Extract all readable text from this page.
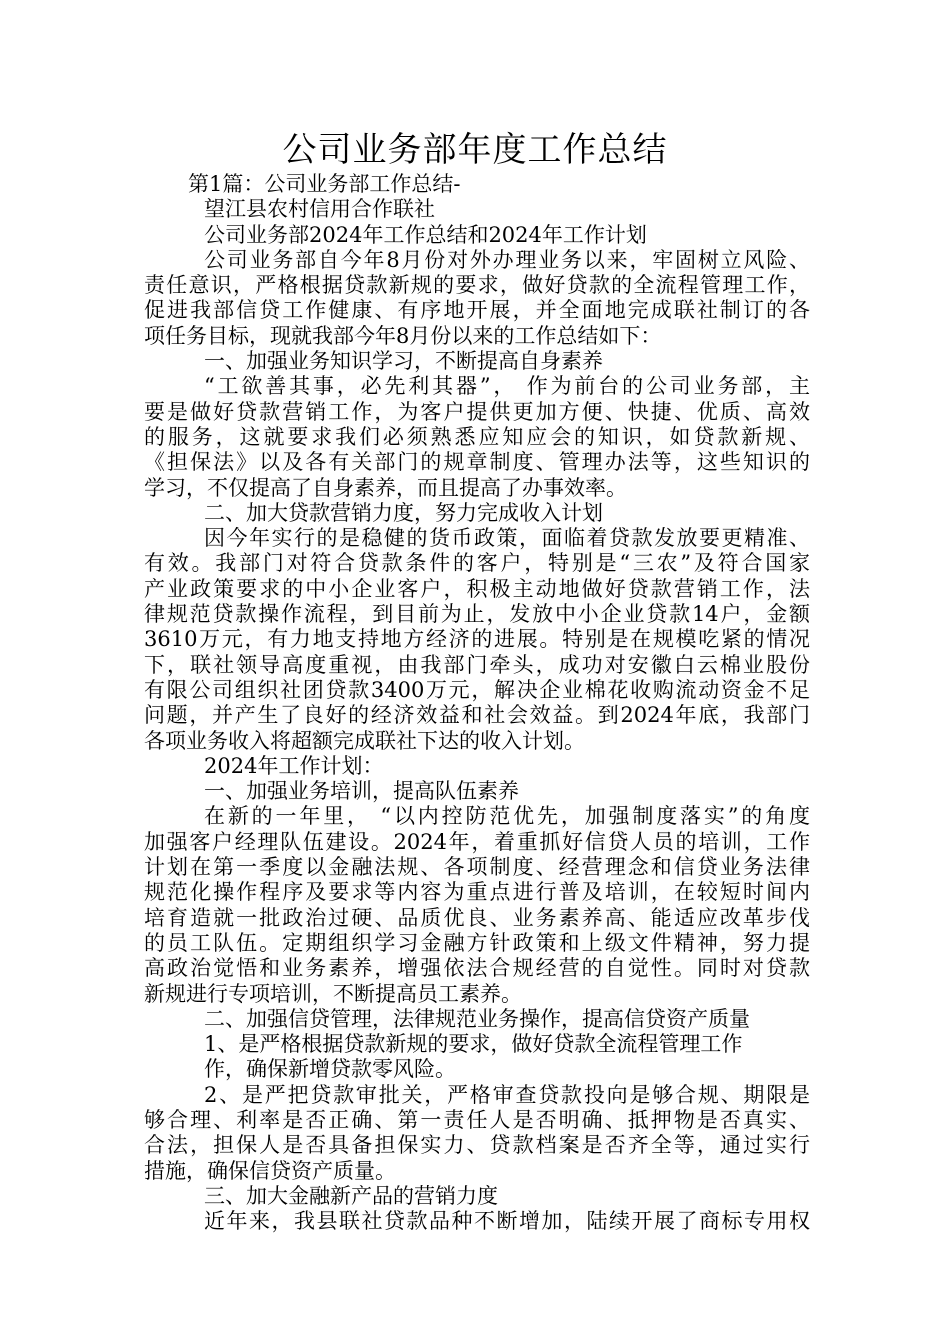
公司业务部年度工作总结
第1篇：公司业务部工作总结-
望江县农村信用合作联社
公司业务部2024年工作总结和2024年工作计划
公司业务部自今年8月份对外办理业务以来，牢固树立风险、
责任意识，严格根据贷款新规的要求，做好贷款的全流程管理工作，
促进我部信贷工作健康、有序地开展，并全面地完成联社制订的各
项任务目标，现就我部今年8月份以来的工作总结如下：
一、加强业务知识学习，不断提高自身素养
“工欲善其事，必先利其器”， 作为前台的公司业务部，主
要是做好贷款营销工作，为客户提供更加方便、快捷、优质、高效
的服务，这就要求我们必须熟悉应知应会的知识，如贷款新规、
《担保法》以及各有关部门的规章制度、管理办法等，这些知识的
学习，不仅提高了自身素养，而且提高了办事效率。
二、加大贷款营销力度，努力完成收入计划
因今年实行的是稳健的货币政策，面临着贷款发放要更精准、
有效。我部门对符合贷款条件的客户，特别是“三农”及符合国家
产业政策要求的中小企业客户，积极主动地做好贷款营销工作，法
律规范贷款操作流程，到目前为止，发放中小企业贷款14户，金额
3610万元，有力地支持地方经济的进展。特别是在规模吃紧的情况
下，联社领导高度重视，由我部门牵头，成功对安徽白云棉业股份
有限公司组织社团贷款3400万元，解决企业棉花收购流动资金不足
问题，并产生了良好的经济效益和社会效益。到2024年底，我部门
各项业务收入将超额完成联社下达的收入计划。
2024年工作计划：
一、加强业务培训，提高队伍素养
在新的一年里， “以内控防范优先，加强制度落实”的角度
加强客户经理队伍建设。2024年，着重抓好信贷人员的培训，工作
计划在第一季度以金融法规、各项制度、经营理念和信贷业务法律
规范化操作程序及要求等内容为重点进行普及培训，在较短时间内
培育造就一批政治过硬、品质优良、业务素养高、能适应改革步伐
的员工队伍。定期组织学习金融方针政策和上级文件精神，努力提
高政治觉悟和业务素养，增强依法合规经营的自觉性。同时对贷款
新规进行专项培训，不断提高员工素养。
二、加强信贷管理，法律规范业务操作，提高信贷资产质量
1、是严格根据贷款新规的要求，做好贷款全流程管理工作
作，确保新增贷款零风险。
2、是严把贷款审批关，严格审查贷款投向是够合规、期限是
够合理、利率是否正确、第一责任人是否明确、抵押物是否真实、
合法，担保人是否具备担保实力、贷款档案是否齐全等，通过实行
措施，确保信贷资产质量。
三、加大金融新产品的营销力度
近年来，我县联社贷款品种不断增加，陆续开展了商标专用权
